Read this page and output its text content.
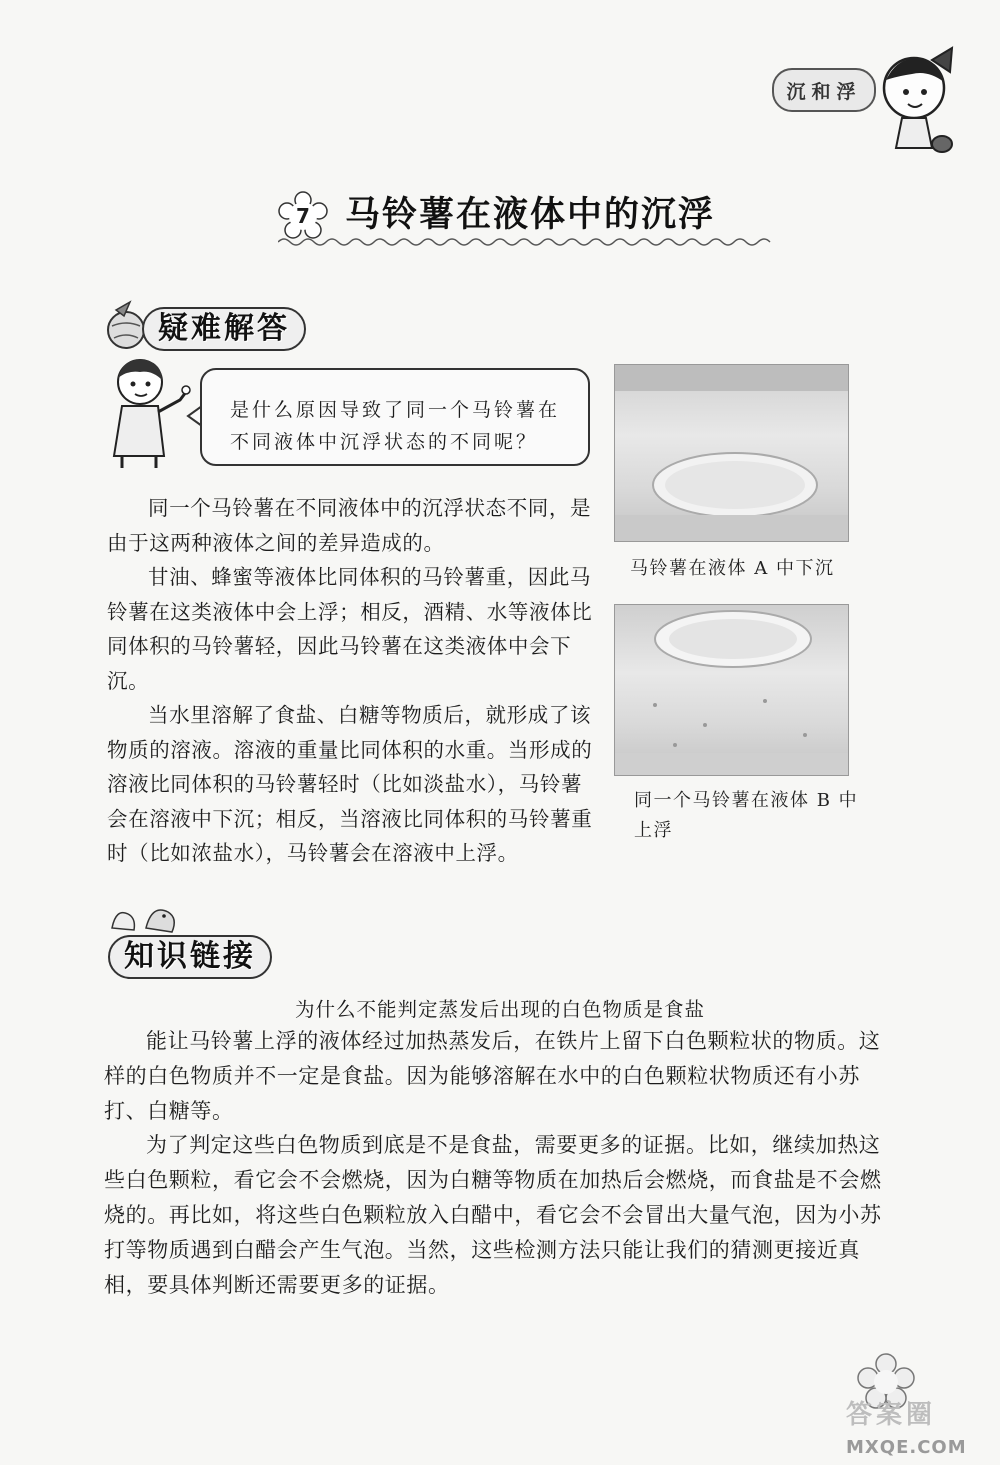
沉和浮
7	马铃薯在液体中的沉浮
疑难解答
是什么原因导致了同一个马铃薯在
不同液体中沉浮状态的不同呢？

同一个马铃薯在不同液体中的沉浮状态不同，是由于这两种液体之间的差异造成的。

甘油、蜂蜜等液体比同体积的马铃薯重，因此马铃薯在这类液体中会上浮；相反，酒精、水等液体比同体积的马铃薯轻，因此马铃薯在这类液体中会下沉。

当水里溶解了食盐、白糖等物质后，就形成了该物质的溶液。溶液的重量比同体积的水重。当形成的溶液比同体积的马铃薯轻时（比如淡盐水），马铃薯会在溶液中下沉；相反，当溶液比同体积的马铃薯重时（比如浓盐水），马铃薯会在溶液中上浮。

马铃薯在液体 A 中下沉
同一个马铃薯在液体 B 中上浮
知识链接
为什么不能判定蒸发后出现的白色物质是食盐

能让马铃薯上浮的液体经过加热蒸发后，在铁片上留下白色颗粒状的物质。这样的白色物质并不一定是食盐。因为能够溶解在水中的白色颗粒状物质还有小苏打、白糖等。

为了判定这些白色物质到底是不是食盐，需要更多的证据。比如，继续加热这些白色颗粒，看它会不会燃烧，因为白糖等物质在加热后会燃烧，而食盐是不会燃烧的。再比如，将这些白色颗粒放入白醋中，看它会不会冒出大量气泡，因为小苏打等物质遇到白醋会产生气泡。当然，这些检测方法只能让我们的猜测更接近真相，要具体判断还需要更多的证据。

答案圈
MXQE.COM
